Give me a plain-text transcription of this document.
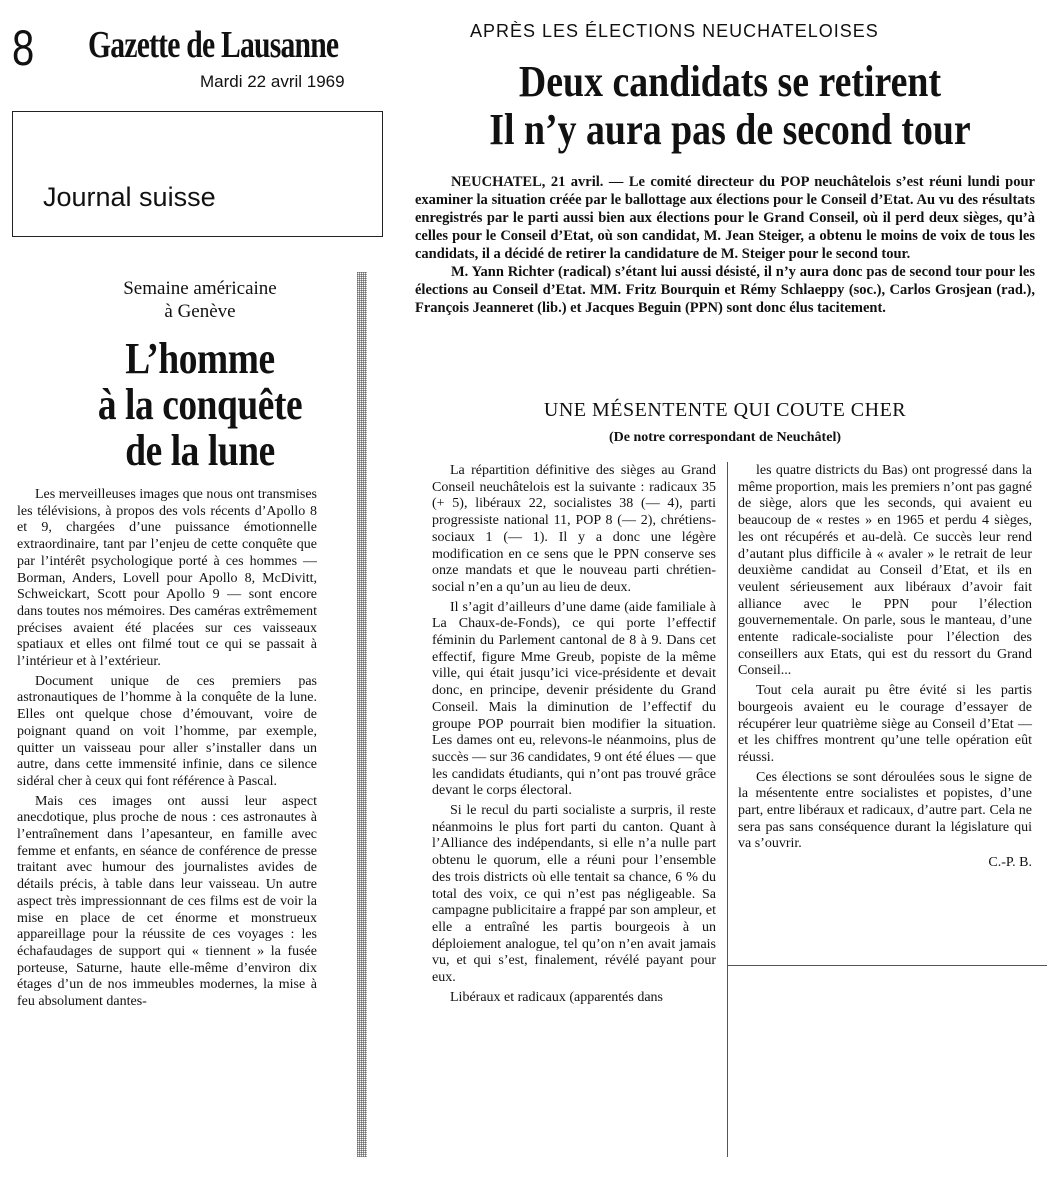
8 Gazette de Lausanne
Mardi 22 avril 1969
Journal suisse
Semaine américaine
à Genève
L’homme
à la conquête
de la lune

Les merveilleuses images que nous ont transmises les télévisions, à propos des vols récents d’Apollo 8 et 9, chargées d’une puissance émotionnelle extraordinaire, tant par l’enjeu de cette conquête que par l’intérêt psychologique porté à ces hommes — Borman, Anders, Lovell pour Apollo 8, McDivitt, Schweickart, Scott pour Apollo 9 — sont encore dans toutes nos mémoires. Des caméras extrêmement précises avaient été placées sur ces vaisseaux spatiaux et elles ont filmé tout ce qui se passait à l’intérieur et à l’extérieur.

Document unique de ces premiers pas astronautiques de l’homme à la conquête de la lune. Elles ont quelque chose d’émouvant, voire de poignant quand on voit l’homme, par exemple, quitter un vaisseau pour aller s’installer dans un autre, dans cette immensité infinie, dans ce silence sidéral cher à ceux qui font référence à Pascal.

Mais ces images ont aussi leur aspect anecdotique, plus proche de nous : ces astronautes à l’entraînement dans l’apesanteur, en famille avec femme et enfants, en séance de conférence de presse traitant avec humour des journalistes avides de détails précis, à table dans leur vaisseau. Un autre aspect très impressionnant de ces films est de voir la mise en place de cet énorme et monstrueux appareillage pour la réussite de ces voyages : les échafaudages de support qui « tiennent » la fusée porteuse, Saturne, haute elle-même d’environ dix étages d’un de nos immeubles modernes, la mise à feu absolument dantes-

APRÈS LES ÉLECTIONS NEUCHATELOISES
Deux candidats se retirent
Il n’y aura pas de second tour

NEUCHATEL, 21 avril. — Le comité directeur du POP neuchâtelois s’est réuni lundi pour examiner la situation créée par le ballottage aux élections pour le Conseil d’Etat. Au vu des résultats enregistrés par le parti aussi bien aux élections pour le Grand Conseil, où il perd deux sièges, qu’à celles pour le Conseil d’Etat, où son candidat, M. Jean Steiger, a obtenu le moins de voix de tous les candidats, il a décidé de retirer la candidature de M. Steiger pour le second tour.

M. Yann Richter (radical) s’étant lui aussi désisté, il n’y aura donc pas de second tour pour les élections au Conseil d’Etat. MM. Fritz Bourquin et Rémy Schlaeppy (soc.), Carlos Grosjean (rad.), François Jeanneret (lib.) et Jacques Beguin (PPN) sont donc élus tacitement.

UNE MÉSENTENTE QUI COUTE CHER
(De notre correspondant de Neuchâtel)

La répartition définitive des sièges au Grand Conseil neuchâtelois est la suivante : radicaux 35 (+ 5), libéraux 22, socialistes 38 (— 4), parti progressiste national 11, POP 8 (— 2), chrétiens-sociaux 1 (— 1). Il y a donc une légère modification en ce sens que le PPN conserve ses onze mandats et que le nouveau parti chrétien-social n’en a qu’un au lieu de deux.

Il s’agit d’ailleurs d’une dame (aide familiale à La Chaux-de-Fonds), ce qui porte l’effectif féminin du Parlement cantonal de 8 à 9. Dans cet effectif, figure Mme Greub, popiste de la même ville, qui était jusqu’ici vice-présidente et devait donc, en principe, devenir présidente du Grand Conseil. Mais la diminution de l’effectif du groupe POP pourrait bien modifier la situation. Les dames ont eu, relevons-le néanmoins, plus de succès — sur 36 candidates, 9 ont été élues — que les candidats étudiants, qui n’ont pas trouvé grâce devant le corps électoral.

Si le recul du parti socialiste a surpris, il reste néanmoins le plus fort parti du canton. Quant à l’Alliance des indépendants, si elle n’a nulle part obtenu le quorum, elle a réuni pour l’ensemble des trois districts où elle tentait sa chance, 6 % du total des voix, ce qui n’est pas négligeable. Sa campagne publicitaire a frappé par son ampleur, et elle a entraîné les partis bourgeois à un déploiement analogue, tel qu’on n’en avait jamais vu, et qui s’est, finalement, révélé payant pour eux.

Libéraux et radicaux (apparentés dans

les quatre districts du Bas) ont progressé dans la même proportion, mais les premiers n’ont pas gagné de siège, alors que les seconds, qui avaient eu beaucoup de « restes » en 1965 et perdu 4 sièges, les ont récupérés et au-delà. Ce succès leur rend d’autant plus difficile à « avaler » le retrait de leur deuxième candidat au Conseil d’Etat, et ils en veulent sérieusement aux libéraux d’avoir fait alliance avec le PPN pour l’élection gouvernementale. On parle, sous le manteau, d’une entente radicale-socialiste pour l’élection des conseillers aux Etats, qui est du ressort du Grand Conseil...

Tout cela aurait pu être évité si les partis bourgeois avaient eu le courage d’essayer de récupérer leur quatrième siège au Conseil d’Etat — et les chiffres montrent qu’une telle opération eût réussi.

Ces élections se sont déroulées sous le signe de la mésentente entre socialistes et popistes, d’une part, entre libéraux et radicaux, d’autre part. Cela ne sera pas sans conséquence durant la législature qui va s’ouvrir.

C.-P. B.
